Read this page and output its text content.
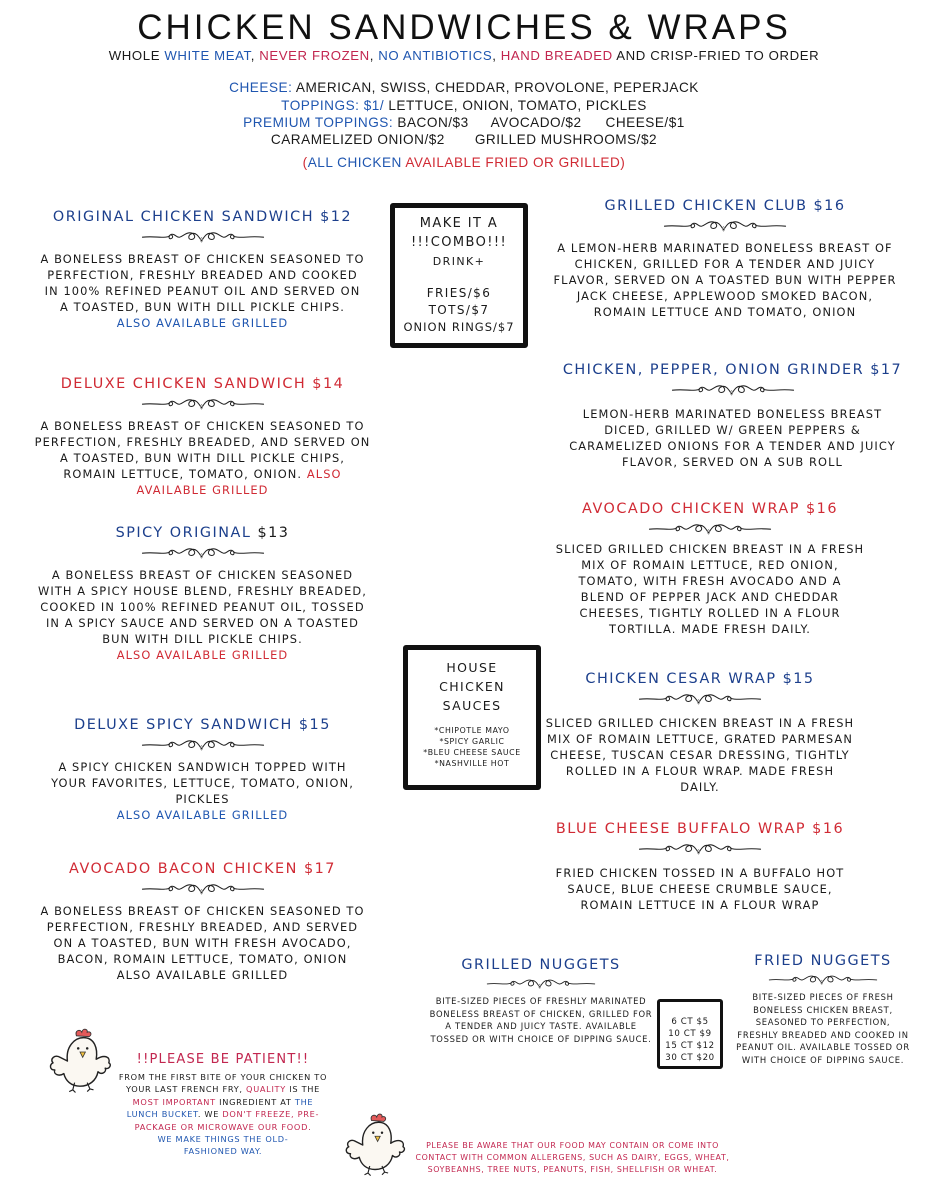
CHICKEN SANDWICHES & WRAPS
WHOLE WHITE MEAT, NEVER FROZEN, NO ANTIBIOTICS, HAND BREADED AND CRISP-FRIED TO ORDER
CHEESE: AMERICAN, SWISS, CHEDDAR, PROVOLONE, PEPERJACK
TOPPINGS: $1/ LETTUCE, ONION, TOMATO, PICKLES
PREMIUM TOPPINGS: BACON/$3 AVOCADO/$2 CHEESE/$1
CARAMELIZED ONION/$2 GRILLED MUSHROOMS/$2
(ALL CHICKEN AVAILABLE FRIED OR GRILLED)
ORIGINAL CHICKEN SANDWICH $12
A BONELESS BREAST OF CHICKEN SEASONED TO PERFECTION, FRESHLY BREADED AND COOKED IN 100% REFINED PEANUT OIL AND SERVED ON A TOASTED, BUN WITH DILL PICKLE CHIPS.
ALSO AVAILABLE GRILLED
DELUXE CHICKEN SANDWICH $14
A BONELESS BREAST OF CHICKEN SEASONED TO PERFECTION, FRESHLY BREADED, AND SERVED ON A TOASTED, BUN WITH DILL PICKLE CHIPS, ROMAIN LETTUCE, TOMATO, ONION. ALSO AVAILABLE GRILLED
SPICY ORIGINAL $13
A BONELESS BREAST OF CHICKEN SEASONED WITH A SPICY HOUSE BLEND, FRESHLY BREADED, COOKED IN 100% REFINED PEANUT OIL, TOSSED IN A SPICY SAUCE AND SERVED ON A TOASTED BUN WITH DILL PICKLE CHIPS.
ALSO AVAILABLE GRILLED
DELUXE SPICY SANDWICH $15
A SPICY CHICKEN SANDWICH TOPPED WITH YOUR FAVORITES, LETTUCE, TOMATO, ONION, PICKLES
ALSO AVAILABLE GRILLED
AVOCADO BACON CHICKEN $17
A BONELESS BREAST OF CHICKEN SEASONED TO PERFECTION, FRESHLY BREADED, AND SERVED ON A TOASTED, BUN WITH FRESH AVOCADO, BACON, ROMAIN LETTUCE, TOMATO, ONION
ALSO AVAILABLE GRILLED
MAKE IT A
!!!COMBO!!!
DRINK+
FRIES/$6
TOTS/$7
ONION RINGS/$7
HOUSE
CHICKEN
SAUCES
*CHIPOTLE MAYO
*SPICY GARLIC
*BLEU CHEESE SAUCE
*NASHVILLE HOT
GRILLED CHICKEN CLUB $16
A LEMON-HERB MARINATED BONELESS BREAST OF CHICKEN, GRILLED FOR A TENDER AND JUICY FLAVOR, SERVED ON A TOASTED BUN WITH PEPPER JACK CHEESE, APPLEWOOD SMOKED BACON, ROMAIN LETTUCE AND TOMATO, ONION
CHICKEN, PEPPER, ONION GRINDER $17
LEMON-HERB MARINATED BONELESS BREAST DICED, GRILLED W/ GREEN PEPPERS & CARAMELIZED ONIONS FOR A TENDER AND JUICY FLAVOR, SERVED ON A SUB ROLL
AVOCADO CHICKEN WRAP $16
SLICED GRILLED CHICKEN BREAST IN A FRESH MIX OF ROMAIN LETTUCE, RED ONION, TOMATO, WITH FRESH AVOCADO AND A BLEND OF PEPPER JACK AND CHEDDAR CHEESES, TIGHTLY ROLLED IN A FLOUR TORTILLA. MADE FRESH DAILY.
CHICKEN CESAR WRAP $15
SLICED GRILLED CHICKEN BREAST IN A FRESH MIX OF ROMAIN LETTUCE, GRATED PARMESAN CHEESE, TUSCAN CESAR DRESSING, TIGHTLY ROLLED IN A FLOUR WRAP. MADE FRESH DAILY.
BLUE CHEESE BUFFALO WRAP $16
FRIED CHICKEN TOSSED IN A BUFFALO HOT SAUCE, BLUE CHEESE CRUMBLE SAUCE, ROMAIN LETTUCE IN A FLOUR WRAP
GRILLED NUGGETS
BITE-SIZED PIECES OF FRESHLY MARINATED BONELESS BREAST OF CHICKEN, GRILLED FOR A TENDER AND JUICY TASTE. AVAILABLE TOSSED OR WITH CHOICE OF DIPPING SAUCE.
6 CT $5
10 CT $9
15 CT $12
30 CT $20
FRIED NUGGETS
BITE-SIZED PIECES OF FRESH BONELESS CHICKEN BREAST, SEASONED TO PERFECTION, FRESHLY BREADED AND COOKED IN PEANUT OIL. AVAILABLE TOSSED OR WITH CHOICE OF DIPPING SAUCE.
!!PLEASE BE PATIENT!!
FROM THE FIRST BITE OF YOUR CHICKEN TO YOUR LAST FRENCH FRY, QUALITY IS THE MOST IMPORTANT INGREDIENT AT THE LUNCH BUCKET. WE DON'T FREEZE, PRE-PACKAGE OR MICROWAVE OUR FOOD.
WE MAKE THINGS THE OLD-FASHIONED WAY.
PLEASE BE AWARE THAT OUR FOOD MAY CONTAIN OR COME INTO CONTACT WITH COMMON ALLERGENS, SUCH AS DAIRY, EGGS, WHEAT, SOYBEANHS, TREE NUTS, PEANUTS, FISH, SHELLFISH OR WHEAT.
